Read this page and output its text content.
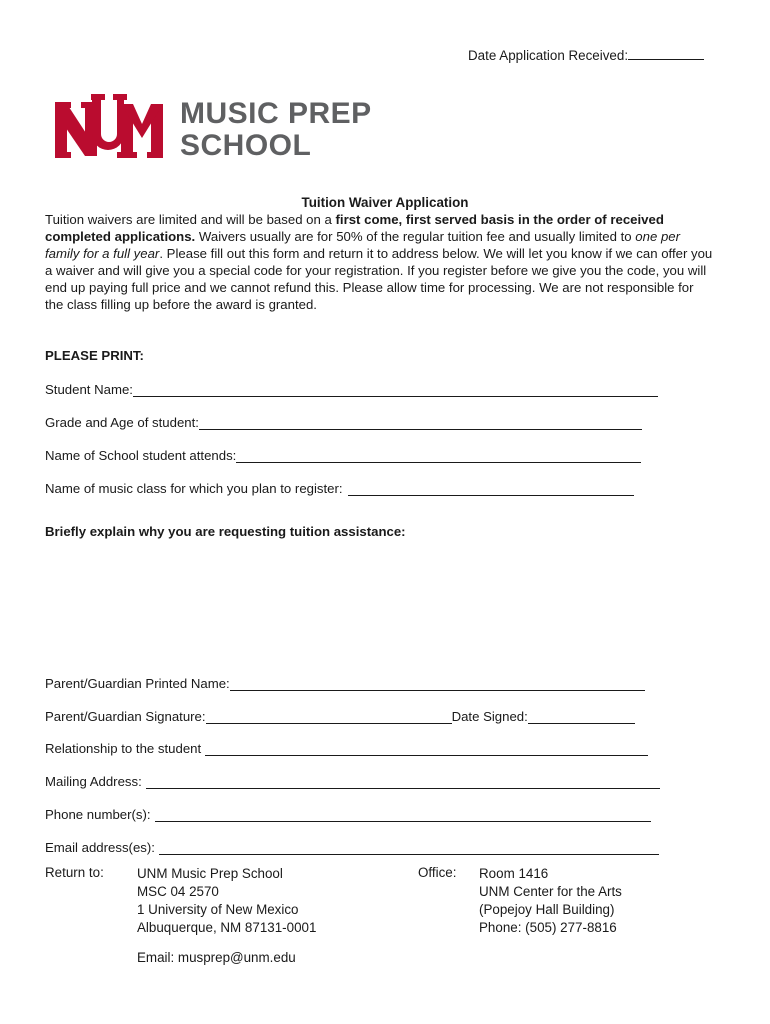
Date Application Received:
MUSIC PREP
SCHOOL
Tuition Waiver Application
Tuition waivers are limited and will be based on a first come, first served basis in the order of received completed applications. Waivers usually are for 50% of the regular tuition fee and usually limited to one per family for a full year. Please fill out this form and return it to address below. We will let you know if we can offer you a waiver and will give you a special code for your registration. If you register before we give you the code, you will end up paying full price and we cannot refund this. Please allow time for processing. We are not responsible for the class filling up before the award is granted.
PLEASE PRINT:
Student Name:
Grade and Age of student:
Name of School student attends:
Name of music class for which you plan to register:
Briefly explain why you are requesting tuition assistance:
Parent/Guardian Printed Name:
Parent/Guardian Signature:	Date Signed:
Relationship to the student
Mailing Address:
Phone number(s):
Email address(es):
Return to: UNM Music Prep School
MSC 04 2570
1 University of New Mexico
Albuquerque, NM 87131-0001
Office: Room 1416
UNM Center for the Arts
(Popejoy Hall Building)
Phone: (505) 277-8816
Email: musprep@unm.edu
